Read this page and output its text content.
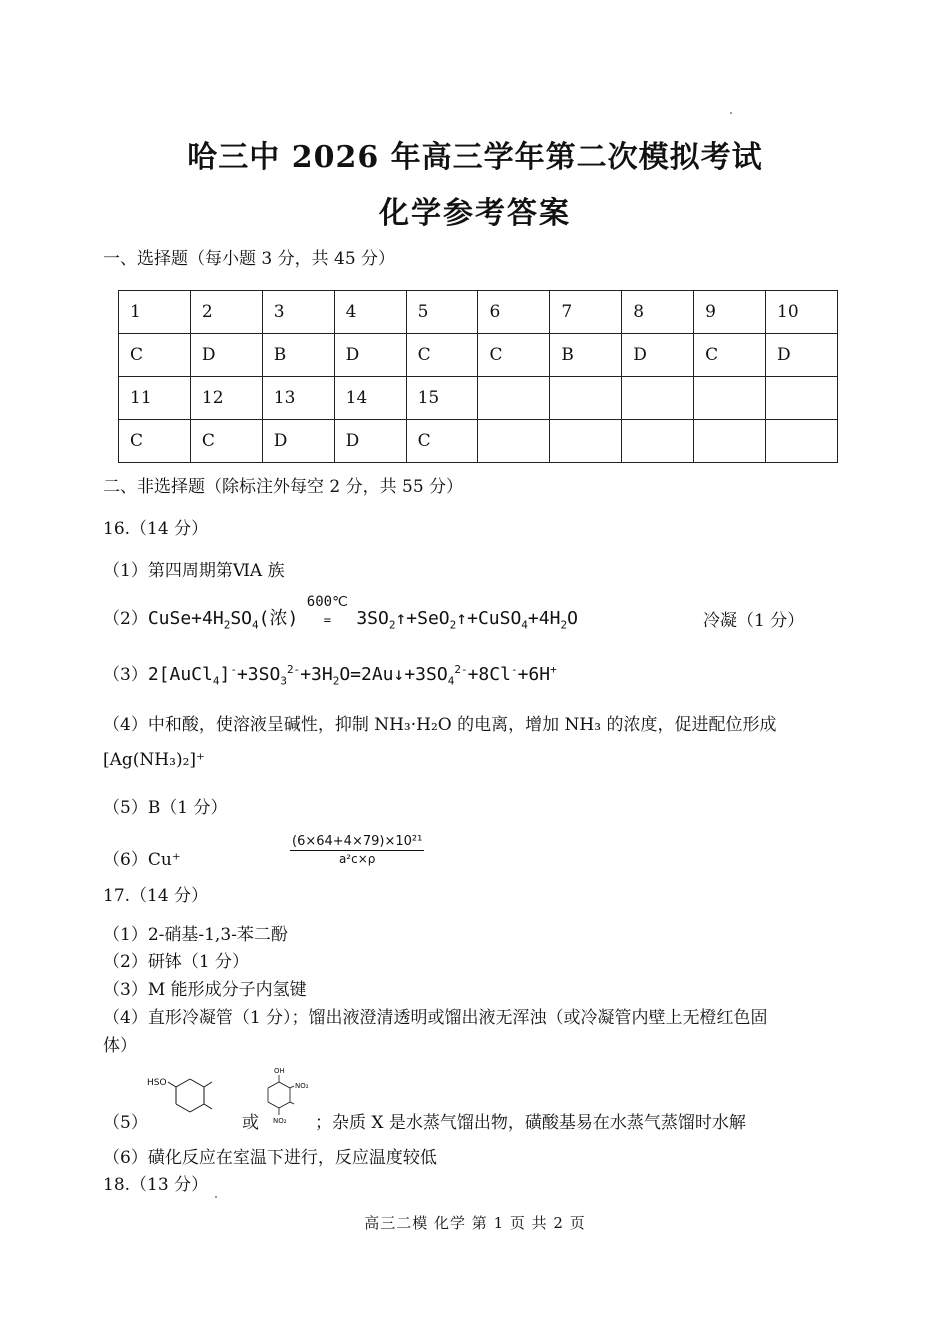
哈三中 2026 年高三学年第二次模拟考试
化学参考答案
一、选择题（每小题 3 分，共 45 分）
1	2	3	4	5	6	7	8	9	10
C	D	B	D	C	C	B	D	C	D
11	12	13	14	15					
C	C	D	D	C					
二、非选择题（除标注外每空 2 分，共 55 分）
16.（14 分）
（1）第四周期第ⅥA 族
$(2)CuSe+4H_2SO_4$(浓)
600℃
= $3SO_2↑+SeO_2↑+CuSO_4+4H_2O$	冷凝（1 分）
$(3)2[AuCl_4]^-+3SO_3^{2-}+3H_2O=2Au↓+3SO_4^{2-}+8Cl^-+6H^+$
（4）中和酸，使溶液呈碱性，抑制 NH₃·H₂O 的电离，增加 NH₃ 的浓度，促进配位形成
[Ag(NH₃)₂]⁺
（5）B（1 分）
（6）Cu⁺	$\frac{\text{(6×64+4×79)×10²¹}}{\text{a²c×ρ}}$
17.（14 分）
（1）2-硝基-1,3-苯二酚
（2）研钵（1 分）
（3）M 能形成分子内氢键
（4）直形冷凝管（1 分）；馏出液澄清透明或馏出液无浑浊（或冷凝管内壁上无橙红色固
体）
（5）
HSO
或
OH
NO₂
NO₂ ；杂质 X 是水蒸气馏出物，磺酸基易在水蒸气蒸馏时水解
（6）磺化反应在室温下进行，反应温度较低
18.（13 分）
高三二模 化学 第 1 页 共 2 页
